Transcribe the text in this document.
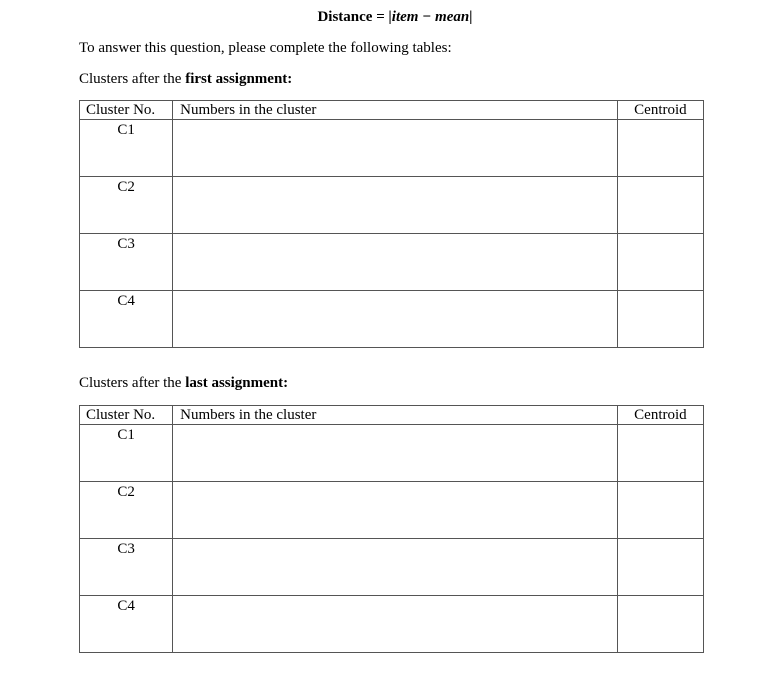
Distance = |item − mean|
To answer this question, please complete the following tables:
Clusters after the first assignment:
Cluster No.	Numbers in the cluster	Centroid
C1		
C2		
C3		
C4		
Clusters after the last assignment:
Cluster No.	Numbers in the cluster	Centroid
C1		
C2		
C3		
C4		
